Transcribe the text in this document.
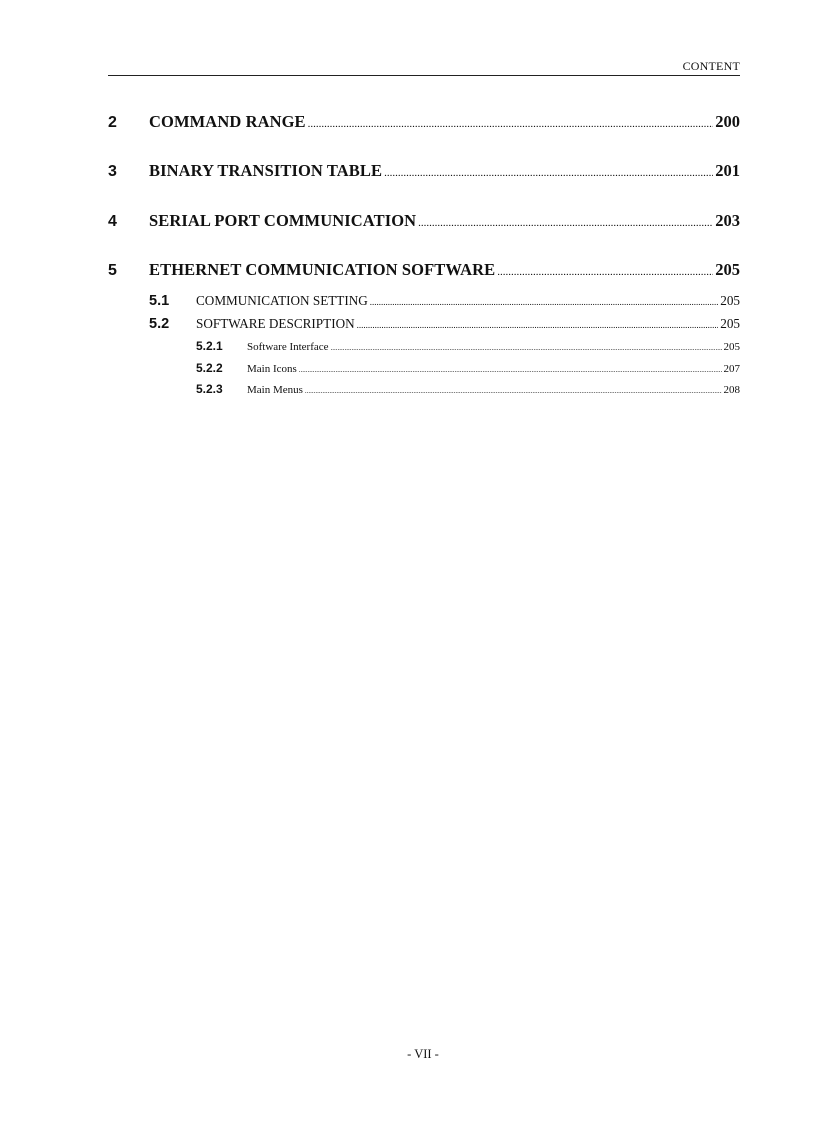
CONTENT
2	COMMAND RANGE .....	200
3	BINARY TRANSITION TABLE .....	201
4	SERIAL PORT COMMUNICATION .....	203
5	ETHERNET COMMUNICATION SOFTWARE .....	205
5.1	COMMUNICATION SETTING .....	205
5.2	SOFTWARE DESCRIPTION .....	205
5.2.1	Software Interface .....	205
5.2.2	Main Icons .....	207
5.2.3	Main Menus .....	208
- VII -
